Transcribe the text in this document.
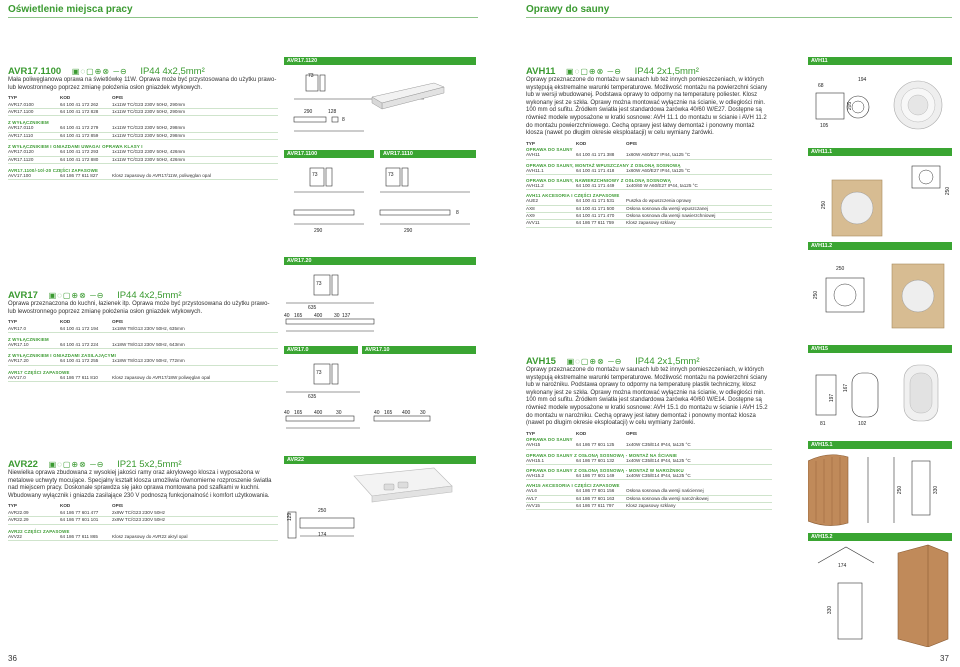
Oświetlenie miejsca pracy	Oprawy do sauny
AVR17.1100 ▣◌▢⊕⊗ ─⊖ IP44 4x2,5mm²
Mała poliwęglanowa oprawa na świetlówkę 11W. Oprawa może być przystosowana do użytku prawo- lub lewostronnego poprzez zmianę położenia osłon gniazdek wtykowych.
TYP	KOD	OPIS
AVR17.0100	64 100 41 172 262	1x11W TC/G23 230V 50Hz, 290mm
AVR17.1100	64 100 41 172 828	1x11W TC/G23 230V 50Hz, 290mm
Z WYŁĄCZNIKIEM
AVR17.0110	64 100 41 172 279	1x11W TC/G23 230V 50Hz, 298mm
AVR17.1110	64 100 41 172 859	1x11W TC/G23 230V 50Hz, 298mm
Z WYŁĄCZNIKIEM I GNIAZDAMI UWAGA! OPRAWA KLASY I
AVR17.0120	64 100 41 172 293	1x11W TC/G23 230V 50Hz, 426mm
AVR17.1120	64 100 41 172 880	1x11W TC/G23 230V 50Hz, 426mm
AVR17.1100/-10/-20 CZĘŚCI ZAPASOWE
AVV17.100	64 186 77 611 827	Klosz zapasowy do AVR17/11W, poliwęglan opal
AVR17 ▣◌▢⊕⊗ ─⊖ IP44 4x2,5mm²
Oprawa przeznaczona do kuchni, łazienek itp. Oprawa może być przystosowana do użytku prawo- lub lewostronnego poprzez zmianę położenia osłon gniazdek wtykowych.
TYP	KOD	OPIS
AVR17.0	64 100 41 172 194	1x18W T8/G13 230V 50Hz, 635mm
Z WYŁĄCZNIKIEM
AVR17.10	64 100 41 172 224	1x18W T8/G13 230V 50Hz, 643mm
Z WYŁĄCZNIKIEM I GNIAZDAMI ZASILAJĄCYMI
AVR17.20	64 100 41 172 255	1x18W T8/G13 230V 50Hz, 772mm
AVR17 CZĘŚCI ZAPASOWE
AVV17.0	64 186 77 611 810	Klosz zapasowy do AVR17/18W poliwęglan opal
AVR22 ▣◌▢⊕⊗ ─⊖ IP21 5x2,5mm²
Niewielka oprawa zbudowana z wysokiej jakości ramy oraz akrylowego klosza i wyposażona w metalowe uchwyty mocujące. Specjalny kształt klosza umożliwia równomierne rozproszenie światła nad miejscem pracy. Doskonale sprawdza się jako oprawa montowana pod szafkami w kuchni. Wbudowany wyłącznik i gniazda zasilające 230 V podnoszą funkcjonalność i komfort użytkowania.
TYP	KOD	OPIS
AVR22.09	64 186 77 601 477	2x9W TC/G23 230V 50Hz
AVR22.29	64 186 77 601 101	2x9W TC/G23 230V 50Hz
AVR22 CZĘŚCI ZAPASOWE
AVV22	64 186 77 611 865	Klosz zapasowy do AVR22 akryl opal
AVR17.1120
73
290	128
8
AVR17.1100	AVR17.1110
73
290
73
290
8
AVR17.20
73
635
40 165 400 30 137
AVR17.0	AVR17.10
73
635
40 165 400	30	40 165 400 30
AVR22
250
174
129
AVH11 ▣◌▢⊕⊗ ─⊖ IP44 2x1,5mm²
Oprawy przeznaczone do montażu w saunach lub też innych pomieszczeniach, w których występują ekstremalne warunki temperaturowe. Możliwość montażu na powierzchni ściany lub w wersji wbudowanej. Podstawa oprawy to odporny na temperaturę poliester. Klosz wykonany jest ze szkła. Oprawy można montować wyłącznie na ścianie, w odległości min. 100 mm od sufitu. Źródłem światła jest standardowa żarówka 40/60 W/E27. Dostępne są również modele wyposażone w kratki sosnowe: AVH 11.1 do montażu w ścianie i AVH 11.2 do montażu powierzchniowego. Cechą oprawy jest łatwy demontaż i ponowny montaż klosza (nawet po długim okresie eksploatacji) w celu wymiany żarówki.
TYP	KOD	OPIS
OPRAWA DO SAUNY
AVH11	64 100 41 171 388	1x60W A60/E27 IP44, ta125 °C
OPRAWA DO SAUNY, MONTAŻ WPUSZCZANY Z OSŁONĄ SOSNOWĄ
AVH11.1	64 100 41 171 418	1x60W A60/E27 IP44, ta125 °C
OPRAWA DO SAUNY, NAWIERZCHNIOWY Z OSŁONĄ SOSNOWĄ
AVH11.2	64 100 41 171 449	1x40/60 W A60/E27 IP44, ta125 °C
AVH11 AKCESORIA I CZĘŚCI ZAPASOWE
AUE2	64 100 41 171 531	Puszka do wpuszczenia oprawy
AX8	64 100 41 171 500	Osłona sosnowa dla wersji wpuszczanej
AX9	64 100 41 171 470	Osłona sosnowa dla wersji nawierzchniowej
AVV11	64 186 77 611 759	Klosz zapasowy szklany
AVH15 ▣◌▢⊕⊗ ─⊖ IP44 2x1,5mm²
Oprawy przeznaczone do montażu w saunach lub też innych pomieszczeniach, w których występują ekstremalne warunki temperaturowe. Możliwość montażu na powierzchni ściany lub w narożniku. Podstawa oprawy to odporny na temperaturę plastik techniczny, klosz wykonany jest ze szkła. Oprawy można montować wyłącznie na ścianie, w odległości min. 100 mm od sufitu. Źródłem światła jest standardowa żarówka 40/60 W/E14. Dostępne są również modele wyposażone w kratki sosnowe: AVH 15.1 do montażu w ścianie i AVH 15.2 do montażu w narożniku. Cechą oprawy jest łatwy demontaż i ponowny montaż klosza (nawet po długim okresie eksploatacji) w celu wymiany żarówki.
TYP	KOD	OPIS
OPRAWA DO SAUNY
AVH15	64 186 77 601 125	1x40W C35/E14 IP44, ta125 °C
OPRAWA DO SAUNY Z OSŁONĄ SOSNOWĄ - MONTAŻ NA ŚCIANIE
AVH15.1	64 186 77 601 132	1x40W C35/E14 IP44, ta125 °C
OPRAWA DO SAUNY Z OSŁONĄ SOSNOWĄ - MONTAŻ W NAROŻNIKU
AVH15.2	64 186 77 601 149	1x40W C35/E14 IP44, ta125 °C
AVH15 AKCESORIA I CZĘŚCI ZAPASOWE
AVL6	64 186 77 601 156	Osłona sosnowa dla wersji naściennej
AVL7	64 186 77 601 163	Osłona sosnowa dla wersji narożnikowej
AVV15	64 186 77 611 797	Klosz zapasowy szklany
AVH11
68
194
105
205
AVH11.1
250
250
AVH11.2
250
250
AVH15
197
167
81	102
AVH15.1
250	330
AVH15.2
174
330
36	37
